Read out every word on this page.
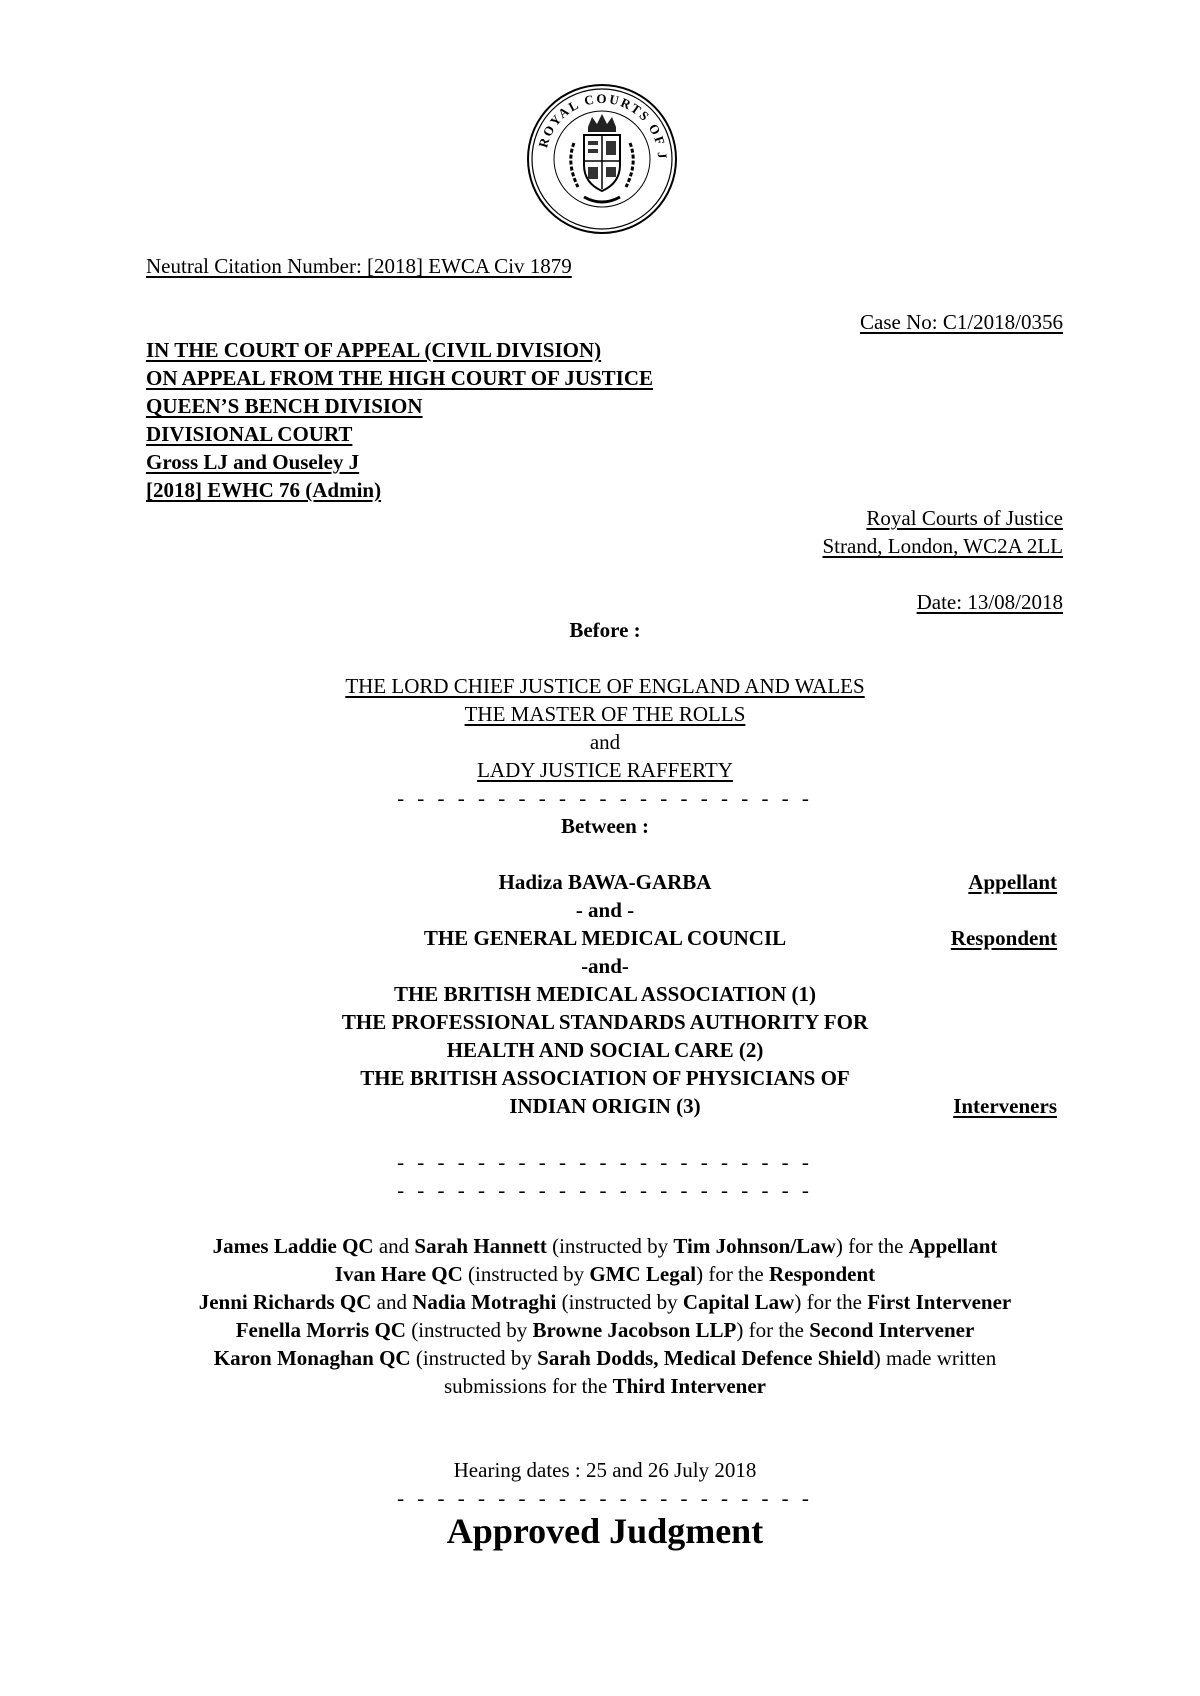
ROYAL COURTS OF J
Neutral Citation Number: [2018] EWCA Civ 1879
Case No: C1/2018/0356
IN THE COURT OF APPEAL (CIVIL DIVISION)
ON APPEAL FROM THE HIGH COURT OF JUSTICE
QUEEN’S BENCH DIVISION
DIVISIONAL COURT
Gross LJ and Ouseley J
[2018] EWHC 76 (Admin)
Royal Courts of Justice
Strand, London, WC2A 2LL
Date: 13/08/2018
Before :
THE LORD CHIEF JUSTICE OF ENGLAND AND WALES
THE MASTER OF THE ROLLS
and
LADY JUSTICE RAFFERTY
- - - - - - - - - - - - - - - - - - - - -
Between :
Hadiza BAWA-GARBA	Appellant
- and -
THE GENERAL MEDICAL COUNCIL	Respondent
-and-
THE BRITISH MEDICAL ASSOCIATION (1)
THE PROFESSIONAL STANDARDS AUTHORITY FOR
HEALTH AND SOCIAL CARE (2)
THE BRITISH ASSOCIATION OF PHYSICIANS OF
INDIAN ORIGIN (3)	Interveners
- - - - - - - - - - - - - - - - - - - - -
- - - - - - - - - - - - - - - - - - - - -
James Laddie QC and Sarah Hannett (instructed by Tim Johnson/Law) for the Appellant
Ivan Hare QC (instructed by GMC Legal) for the Respondent
Jenni Richards QC and Nadia Motraghi (instructed by Capital Law) for the First Intervener
Fenella Morris QC (instructed by Browne Jacobson LLP) for the Second Intervener
Karon Monaghan QC (instructed by Sarah Dodds, Medical Defence Shield) made written
submissions for the Third Intervener
Hearing dates : 25 and 26 July 2018
- - - - - - - - - - - - - - - - - - - - -
Approved Judgment
